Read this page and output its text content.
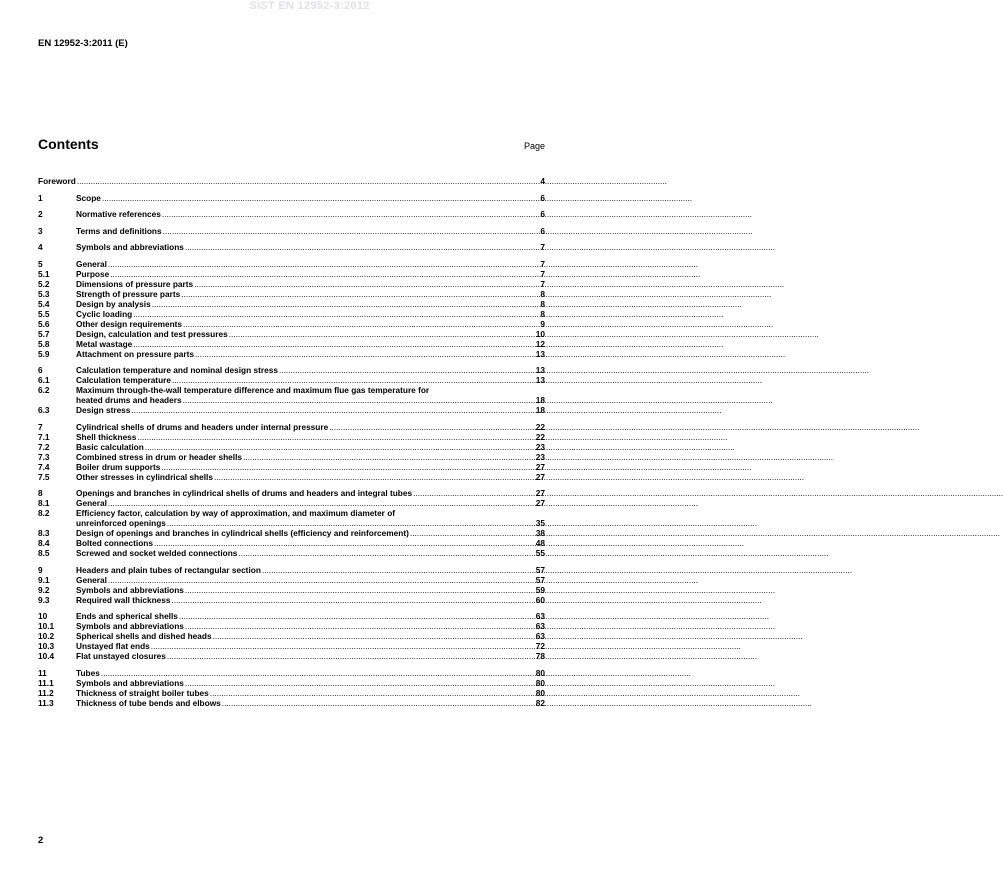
SIST EN 12952-3:2012
EN 12952-3:2011 (E)
Contents	Page
Foreword .....	4
1	Scope .....	6
2	Normative references .....	6
3	Terms and definitions .....	6
4	Symbols and abbreviations .....	7
5	General .....	7
5.1	Purpose .....	7
5.2	Dimensions of pressure parts .....	7
5.3	Strength of pressure parts .....	8
5.4	Design by analysis .....	8
5.5	Cyclic loading .....	8
5.6	Other design requirements .....	9
5.7	Design, calculation and test pressures .....	10
5.8	Metal wastage .....	12
5.9	Attachment on pressure parts .....	13
6	Calculation temperature and nominal design stress .....	13
6.1	Calculation temperature .....	13
6.2	Maximum through-the-wall temperature difference and maximum flue gas temperature for
heated drums and headers .....	18
6.3	Design stress .....	18
7	Cylindrical shells of drums and headers under internal pressure .....	22
7.1	Shell thickness .....	22
7.2	Basic calculation .....	23
7.3	Combined stress in drum or header shells .....	23
7.4	Boiler drum supports .....	27
7.5	Other stresses in cylindrical shells .....	27
8	Openings and branches in cylindrical shells of drums and headers and integral tubes .....	27
8.1	General .....	27
8.2	Efficiency factor, calculation by way of approximation, and maximum diameter of
unreinforced openings .....	35
8.3	Design of openings and branches in cylindrical shells (efficiency and reinforcement) .....	38
8.4	Bolted connections .....	48
8.5	Screwed and socket welded connections .....	55
9	Headers and plain tubes of rectangular section .....	57
9.1	General .....	57
9.2	Symbols and abbreviations .....	59
9.3	Required wall thickness .....	60
10	Ends and spherical shells .....	63
10.1	Symbols and abbreviations .....	63
10.2	Spherical shells and dished heads .....	63
10.3	Unstayed flat ends .....	72
10.4	Flat unstayed closures .....	78
11	Tubes .....	80
11.1	Symbols and abbreviations .....	80
11.2	Thickness of straight boiler tubes .....	80
11.3	Thickness of tube bends and elbows .....	82
2
